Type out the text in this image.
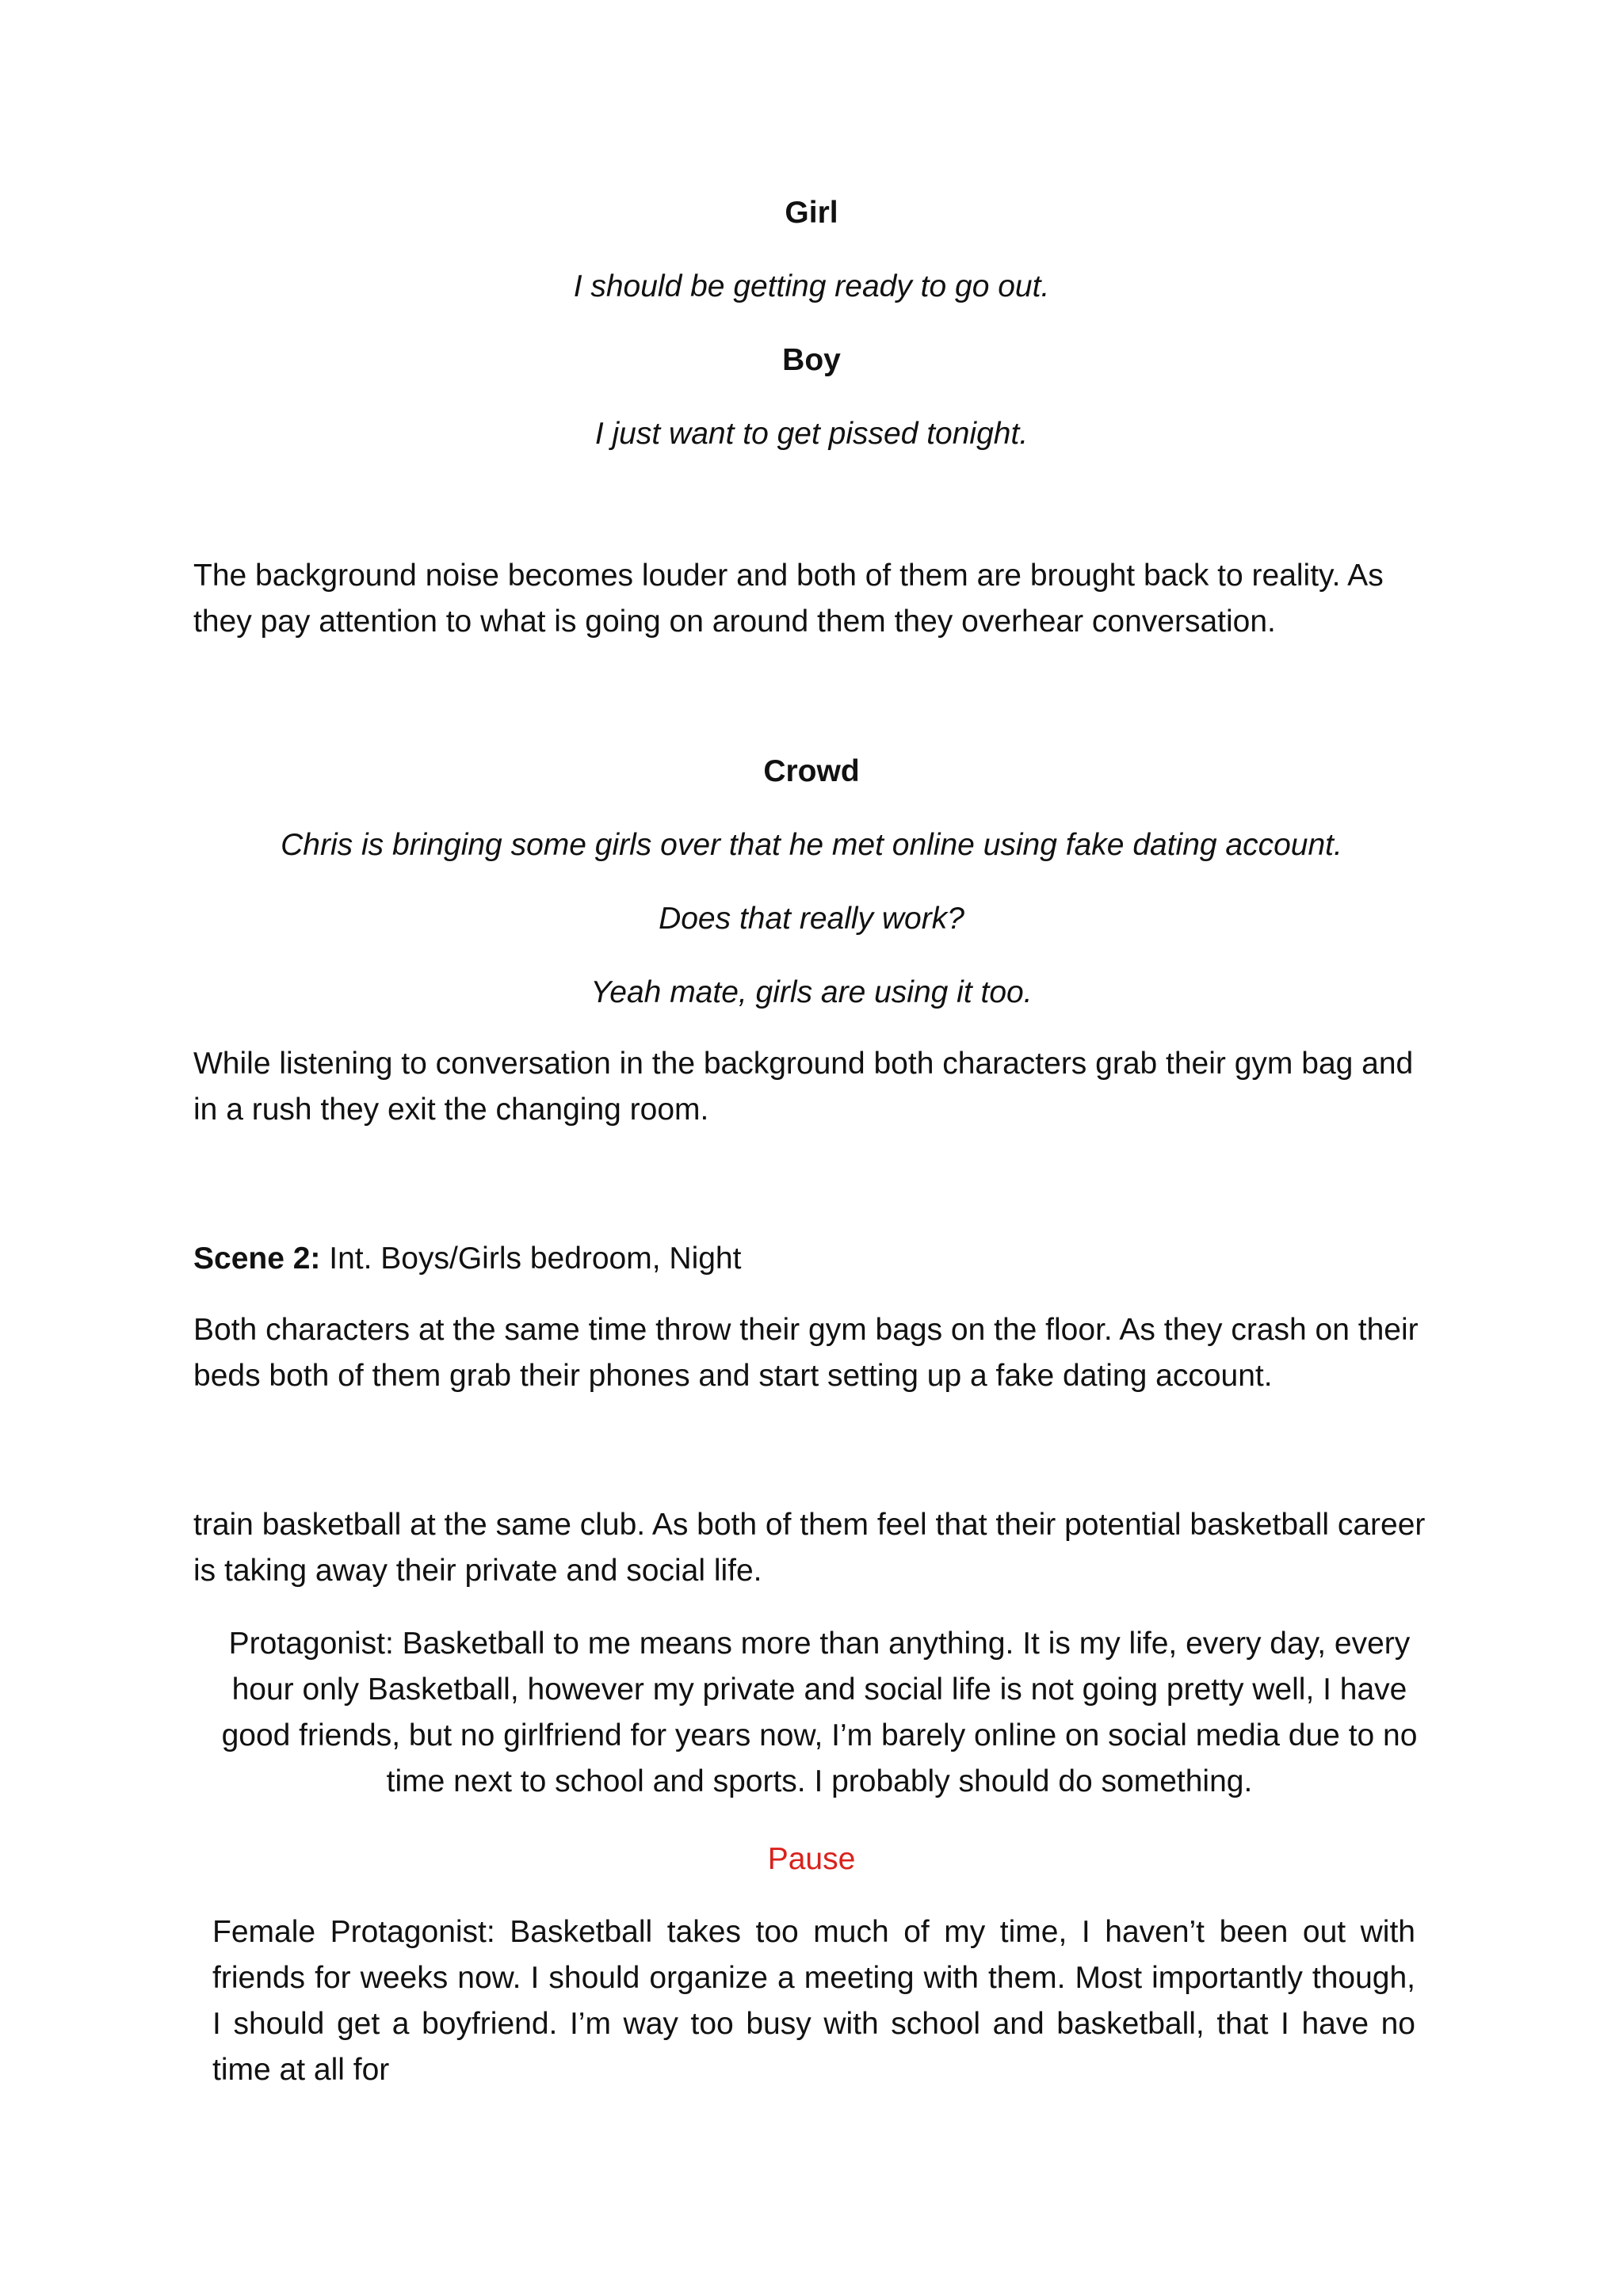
Girl

I should be getting ready to go out.

Boy

I just want to get pissed tonight.

The background noise becomes louder and both of them are brought back to reality. As they pay attention to what is going on around them they overhear conversation.

Crowd

Chris is bringing some girls over that he met online using fake dating account.

Does that really work?

Yeah mate, girls are using it too.

While listening to conversation in the background both characters grab their gym bag and in a rush they exit the changing room.

Scene 2: Int. Boys/Girls bedroom, Night

Both characters at the same time throw their gym bags on the floor. As they crash on their beds both of them grab their phones and start setting up a fake dating account.

train basketball at the same club. As both of them feel that their potential basketball career is taking away their private and social life.

Protagonist: Basketball to me means more than anything. It is my life, every day, every hour only Basketball, however my private and social life is not going pretty well, I have good friends, but no girlfriend for years now, I’m barely online on social media due to no time next to school and sports. I probably should do something.

Pause

Female Protagonist: Basketball takes too much of my time, I haven’t been out with friends for weeks now. I should organize a meeting with them. Most importantly though, I should get a boyfriend. I’m way too busy with school and basketball, that I have no time at all for
